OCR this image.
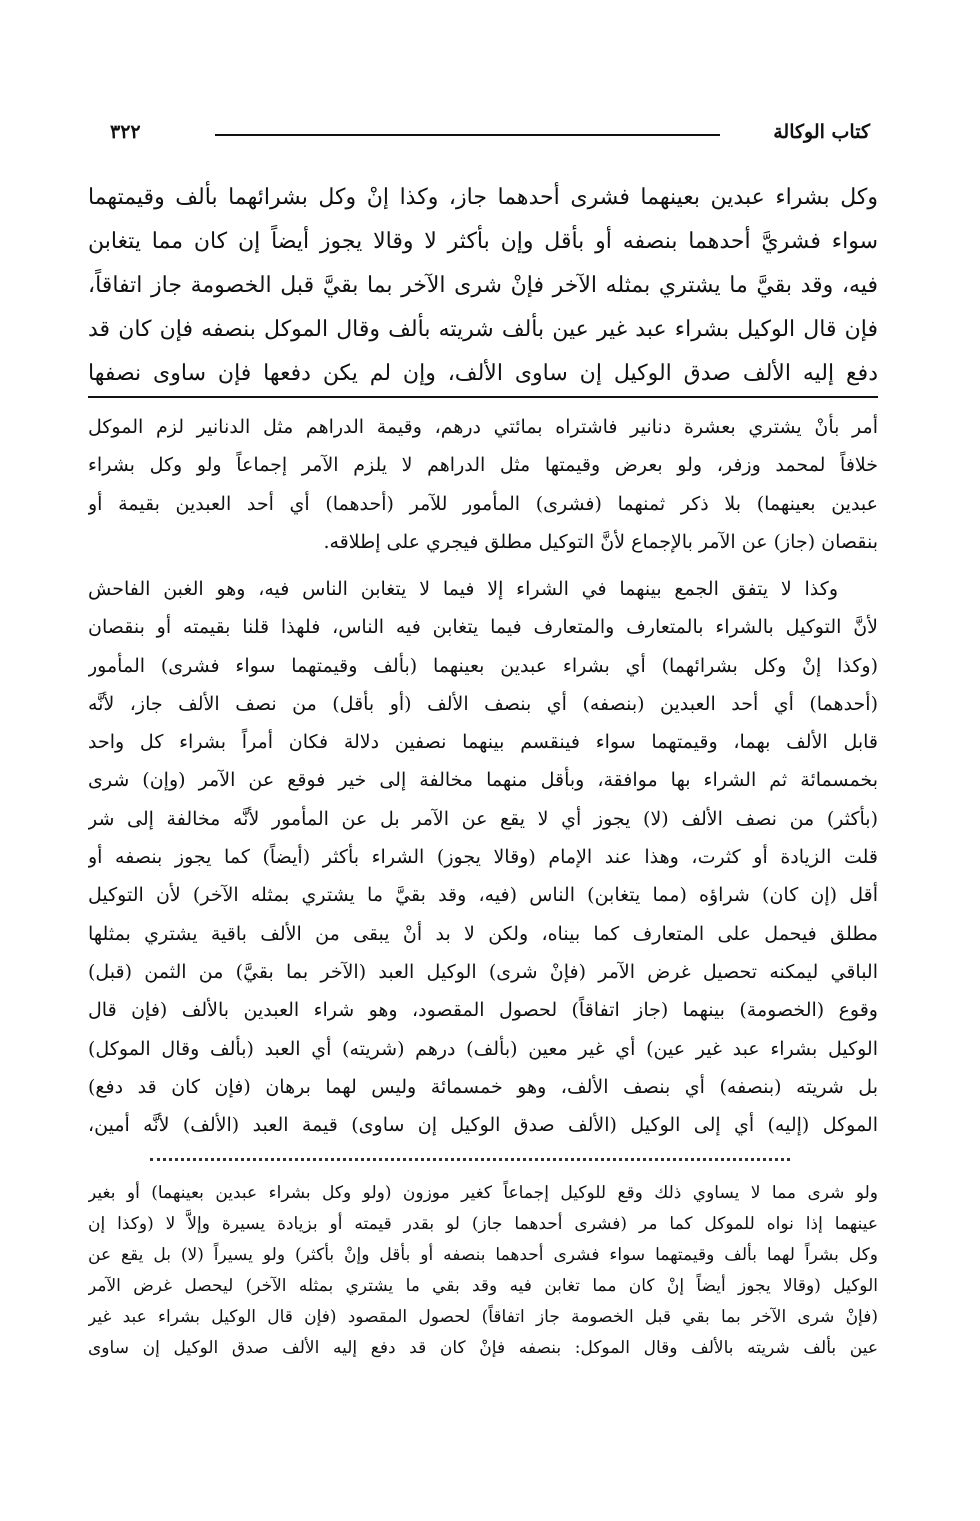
كتاب الوكالة
٣٢٢
وكل بشراء عبدين بعينهما فشرى أحدهما جاز، وكذا إنْ وكل بشرائهما بألف وقيمتهما
سواء فشريَّ أحدهما بنصفه أو بأقل وإن بأكثر لا وقالا يجوز أيضاً إن كان مما يتغابن
فيه، وقد بقيَّ ما يشتري بمثله الآخر فإنْ شرى الآخر بما بقيَّ قبل الخصومة جاز اتفاقاً،
فإن قال الوكيل بشراء عبد غير عين بألف شريته بألف وقال الموكل بنصفه فإن كان قد
دفع إليه الألف صدق الوكيل إن ساوى الألف، وإن لم يكن دفعها فإن ساوى نصفها
أمر بأنْ يشتري بعشرة دنانير فاشتراه بمائتي درهم، وقيمة الدراهم مثل الدنانير لزم الموكل
خلافاً لمحمد وزفر، ولو بعرض وقيمتها مثل الدراهم لا يلزم الآمر إجماعاً ولو وكل بشراء
عبدين بعينهما) بلا ذكر ثمنهما (فشرى) المأمور للآمر (أحدهما) أي أحد العبدين بقيمة أو
بنقصان (جاز) عن الآمر بالإجماع لأنَّ التوكيل مطلق فيجري على إطلاقه.
وكذا لا يتفق الجمع بينهما في الشراء إلا فيما لا يتغابن الناس فيه، وهو الغبن الفاحش
لأنَّ التوكيل بالشراء بالمتعارف والمتعارف فيما يتغابن فيه الناس، فلهذا قلنا بقيمته أو بنقصان
(وكذا إنْ وكل بشرائهما) أي بشراء عبدين بعينهما (بألف وقيمتهما سواء فشرى) المأمور
(أحدهما) أي أحد العبدين (بنصفه) أي بنصف الألف (أو بأقل) من نصف الألف جاز، لأنَّه
قابل الألف بهما، وقيمتهما سواء فينقسم بينهما نصفين دلالة فكان أمراً بشراء كل واحد
بخمسمائة ثم الشراء بها موافقة، وبأقل منهما مخالفة إلى خير فوقع عن الآمر (وإن) شرى
(بأكثر) من نصف الألف (لا) يجوز أي لا يقع عن الآمر بل عن المأمور لأنَّه مخالفة إلى شر
قلت الزيادة أو كثرت، وهذا عند الإمام (وقالا يجوز) الشراء بأكثر (أيضاً) كما يجوز بنصفه أو
أقل (إن كان) شراؤه (مما يتغابن) الناس (فيه، وقد بقيَّ ما يشتري بمثله الآخر) لأن التوكيل
مطلق فيحمل على المتعارف كما بيناه، ولكن لا بد أنْ يبقى من الألف باقية يشتري بمثلها
الباقي ليمكنه تحصيل غرض الآمر (فإنْ شرى) الوكيل العبد (الآخر بما بقيَّ) من الثمن (قبل)
وقوع (الخصومة) بينهما (جاز اتفاقاً) لحصول المقصود، وهو شراء العبدين بالألف (فإن قال
الوكيل بشراء عبد غير عين) أي غير معين (بألف) درهم (شريته) أي العبد (بألف وقال الموكل)
بل شريته (بنصفه) أي بنصف الألف، وهو خمسمائة وليس لهما برهان (فإن كان قد دفع)
الموكل (إليه) أي إلى الوكيل (الألف صدق الوكيل إن ساوى) قيمة العبد (الألف) لأنَّه أمين،
ولو شرى مما لا يساوي ذلك وقع للوكيل إجماعاً كغير موزون (ولو وكل بشراء عبدين بعينهما) أو بغير
عينهما إذا نواه للموكل كما مر (فشرى أحدهما جاز) لو بقدر قيمته أو بزيادة يسيرة وإلاَّ لا (وكذا إن
وكل بشراً لهما بألف وقيمتهما سواء فشرى أحدهما بنصفه أو بأقل وإنْ بأكثر) ولو يسيراً (لا) بل يقع عن
الوكيل (وقالا يجوز أيضاً إنْ كان مما تغابن فيه وقد بقي ما يشتري بمثله الآخر) ليحصل غرض الآمر
(فإنْ شرى الآخر بما بقي قبل الخصومة جاز اتفاقاً) لحصول المقصود (فإن قال الوكيل بشراء عبد غير
عين بألف شريته بالألف وقال الموكل: بنصفه فإنْ كان قد دفع إليه الألف صدق الوكيل إن ساوى
